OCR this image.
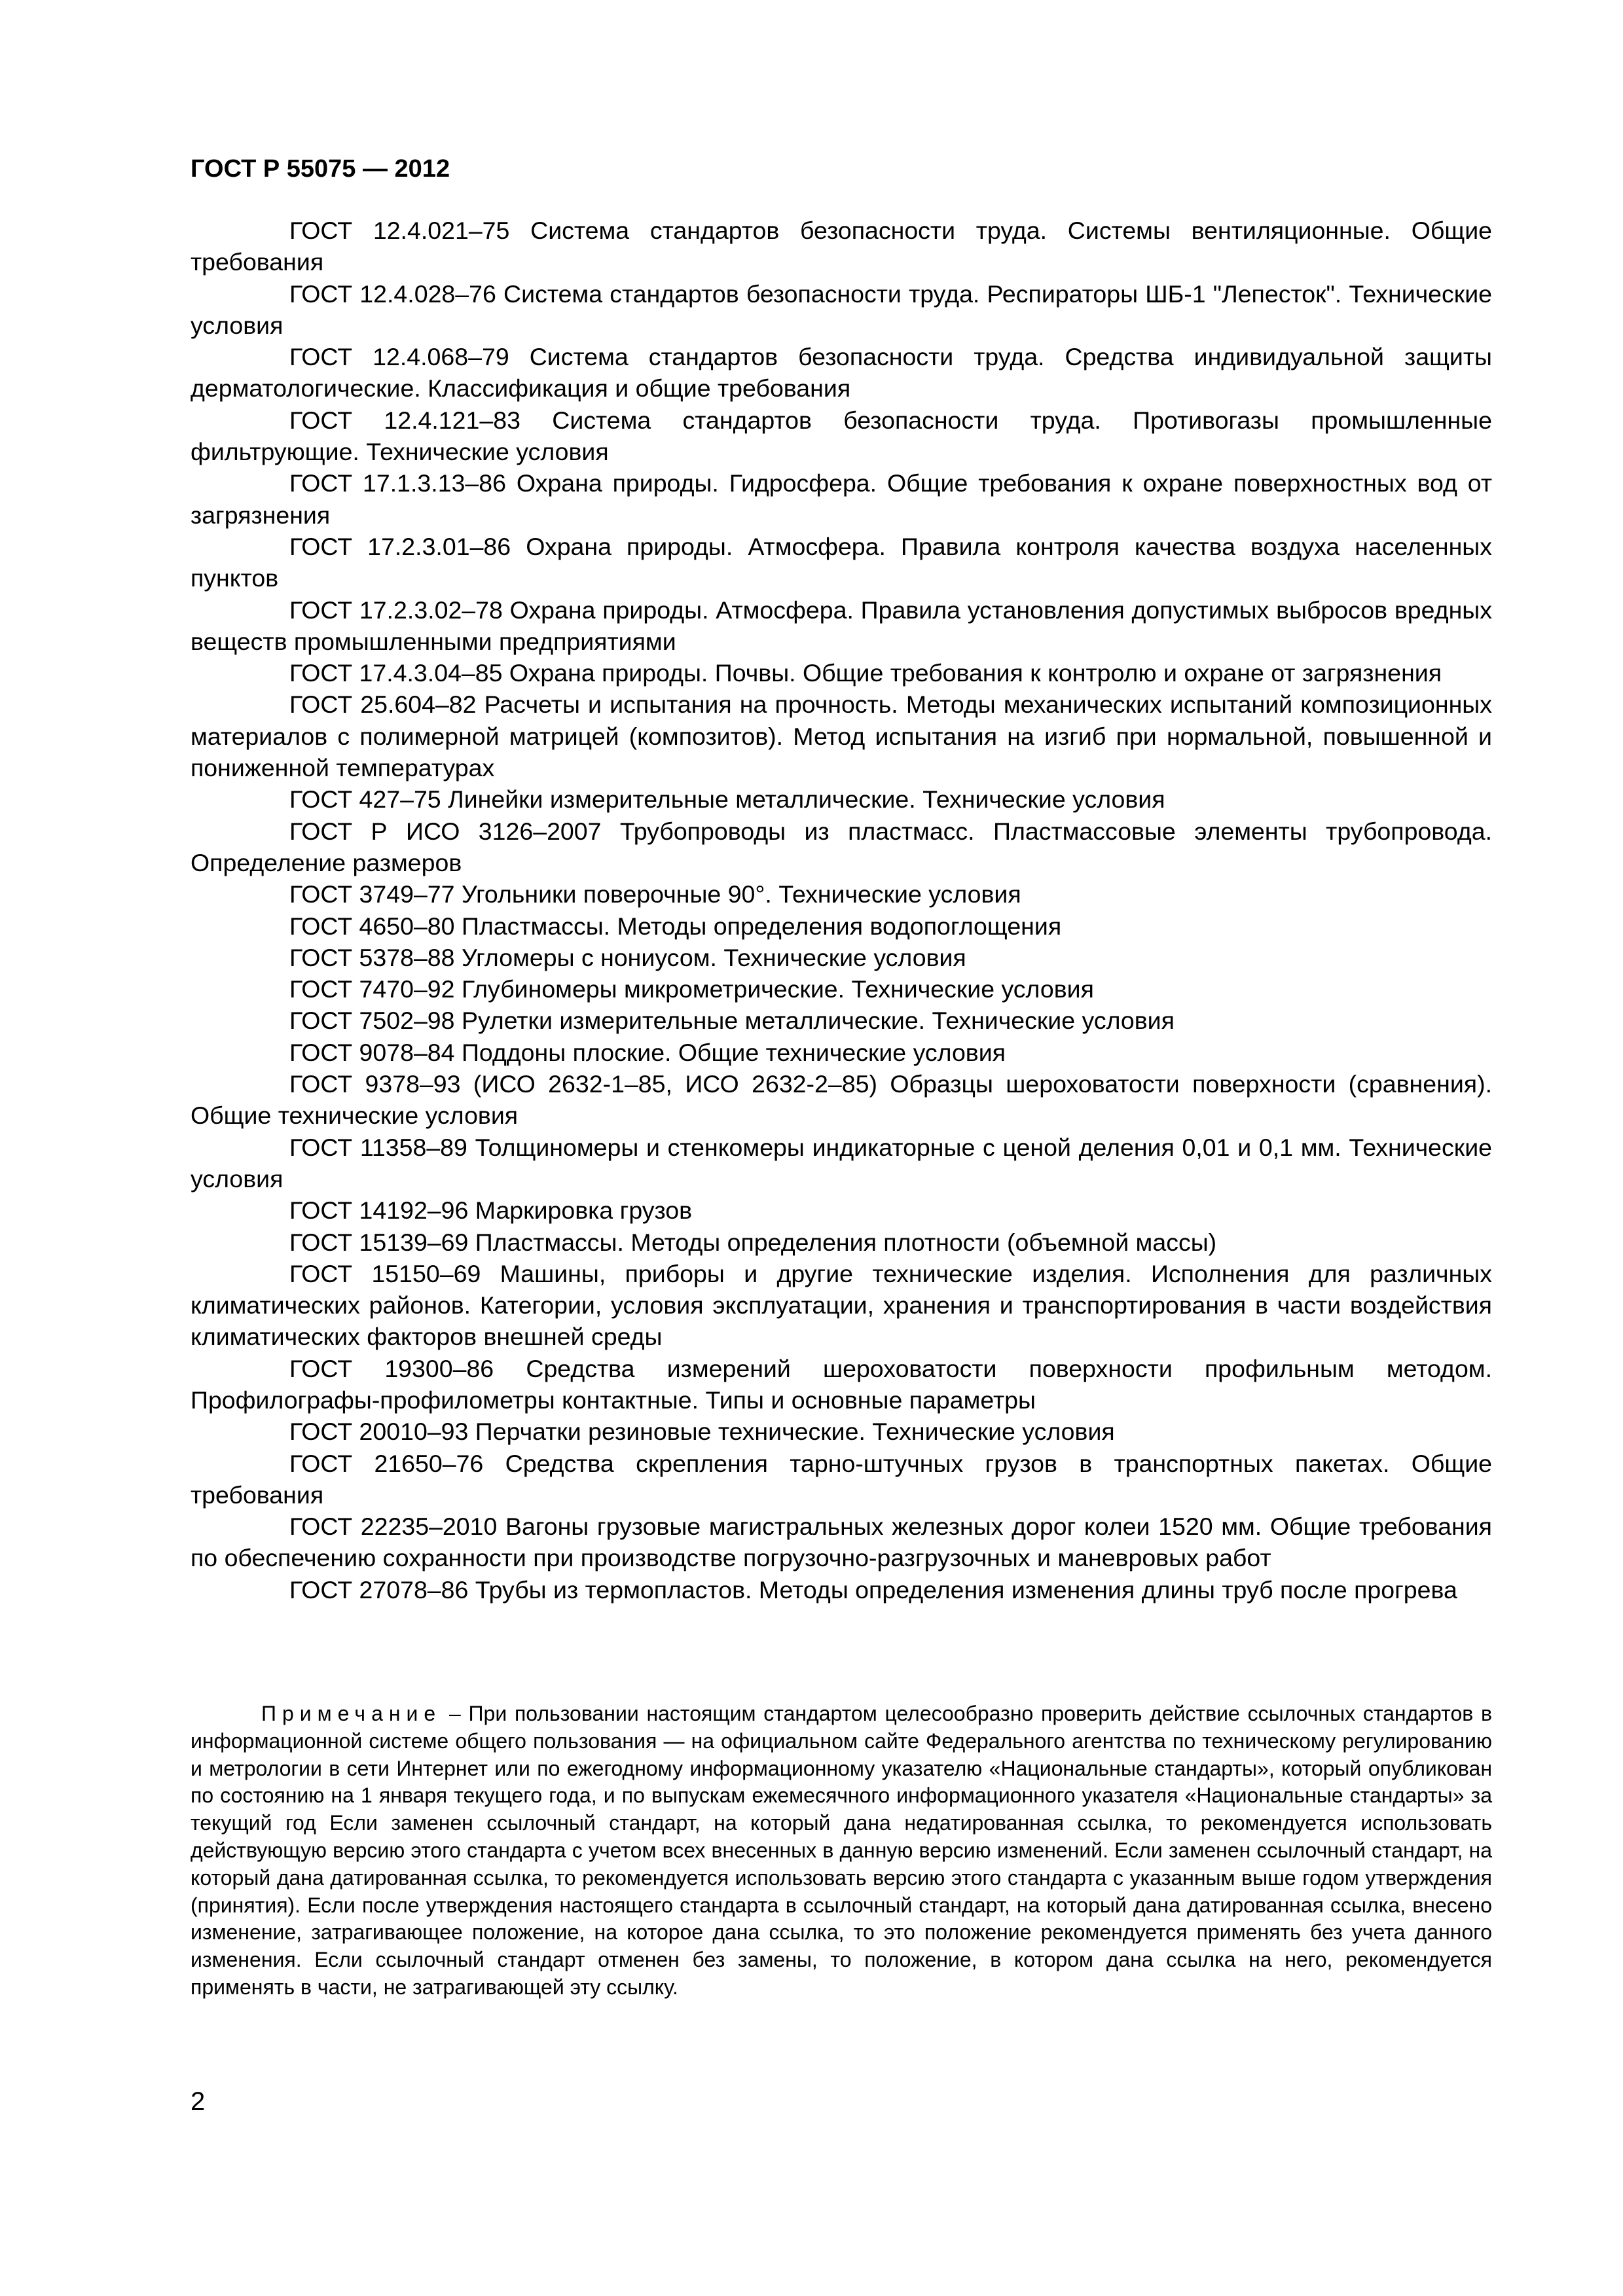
ГОСТ Р 55075 — 2012

ГОСТ 12.4.021–75 Система стандартов безопасности труда. Системы вентиляционные. Общие требования

ГОСТ 12.4.028–76 Система стандартов безопасности труда. Респираторы ШБ-1 "Лепесток". Технические условия

ГОСТ 12.4.068–79 Система стандартов безопасности труда. Средства индивидуальной защиты дерматологические. Классификация и общие требования

ГОСТ 12.4.121–83 Система стандартов безопасности труда. Противогазы промышленные фильтрующие. Технические условия

ГОСТ 17.1.3.13–86 Охрана природы. Гидросфера. Общие требования к охране поверхностных вод от загрязнения

ГОСТ 17.2.3.01–86 Охрана природы. Атмосфера. Правила контроля качества воздуха населенных пунктов

ГОСТ 17.2.3.02–78 Охрана природы. Атмосфера. Правила установления допустимых выбросов вредных веществ промышленными предприятиями

ГОСТ 17.4.3.04–85 Охрана природы. Почвы. Общие требования к контролю и охране от загрязнения

ГОСТ 25.604–82 Расчеты и испытания на прочность. Методы механических испытаний композиционных материалов с полимерной матрицей (композитов). Метод испытания на изгиб при нормальной, повышенной и пониженной температурах

ГОСТ 427–75 Линейки измерительные металлические. Технические условия

ГОСТ Р ИСО 3126–2007 Трубопроводы из пластмасс. Пластмассовые элементы трубопровода. Определение размеров

ГОСТ 3749–77 Угольники поверочные 90°. Технические условия

ГОСТ 4650–80 Пластмассы. Методы определения водопоглощения

ГОСТ 5378–88 Угломеры с нониусом. Технические условия

ГОСТ 7470–92 Глубиномеры микрометрические. Технические условия

ГОСТ 7502–98 Рулетки измерительные металлические. Технические условия

ГОСТ 9078–84 Поддоны плоские. Общие технические условия

ГОСТ 9378–93 (ИСО 2632-1–85, ИСО 2632-2–85) Образцы шероховатости поверхности (сравнения). Общие технические условия

ГОСТ 11358–89 Толщиномеры и стенкомеры индикаторные с ценой деления 0,01 и 0,1 мм. Технические условия

ГОСТ 14192–96 Маркировка грузов

ГОСТ 15139–69 Пластмассы. Методы определения плотности (объемной массы)

ГОСТ 15150–69 Машины, приборы и другие технические изделия. Исполнения для различных климатических районов. Категории, условия эксплуатации, хранения и транспортирования в части воздействия климатических факторов внешней среды

ГОСТ 19300–86 Средства измерений шероховатости поверхности профильным методом. Профилографы-профилометры контактные. Типы и основные параметры

ГОСТ 20010–93 Перчатки резиновые технические. Технические условия

ГОСТ 21650–76 Средства скрепления тарно-штучных грузов в транспортных пакетах. Общие требования

ГОСТ 22235–2010 Вагоны грузовые магистральных железных дорог колеи 1520 мм. Общие требования по обеспечению сохранности при производстве погрузочно-разгрузочных и маневровых работ

ГОСТ 27078–86 Трубы из термопластов. Методы определения изменения длины труб после прогрева

Примечание – При пользовании настоящим стандартом целесообразно проверить действие ссылочных стандартов в информационной системе общего пользования — на официальном сайте Федерального агентства по техническому регулированию и метрологии в сети Интернет или по ежегодному информационному указателю «Национальные стандарты», который опубликован по состоянию на 1 января текущего года, и по выпускам ежемесячного информационного указателя «Национальные стандарты» за текущий год Если заменен ссылочный стандарт, на который дана недатированная ссылка, то рекомендуется использовать действующую версию этого стандарта с учетом всех внесенных в данную версию изменений. Если заменен ссылочный стандарт, на который дана датированная ссылка, то рекомендуется использовать версию этого стандарта с указанным выше годом утверждения (принятия). Если после утверждения настоящего стандарта в ссылочный стандарт, на который дана датированная ссылка, внесено изменение, затрагивающее положение, на которое дана ссылка, то это положение рекомендуется применять без учета данного изменения. Если ссылочный стандарт отменен без замены, то положение, в котором дана ссылка на него, рекомендуется применять в части, не затрагивающей эту ссылку.

2
